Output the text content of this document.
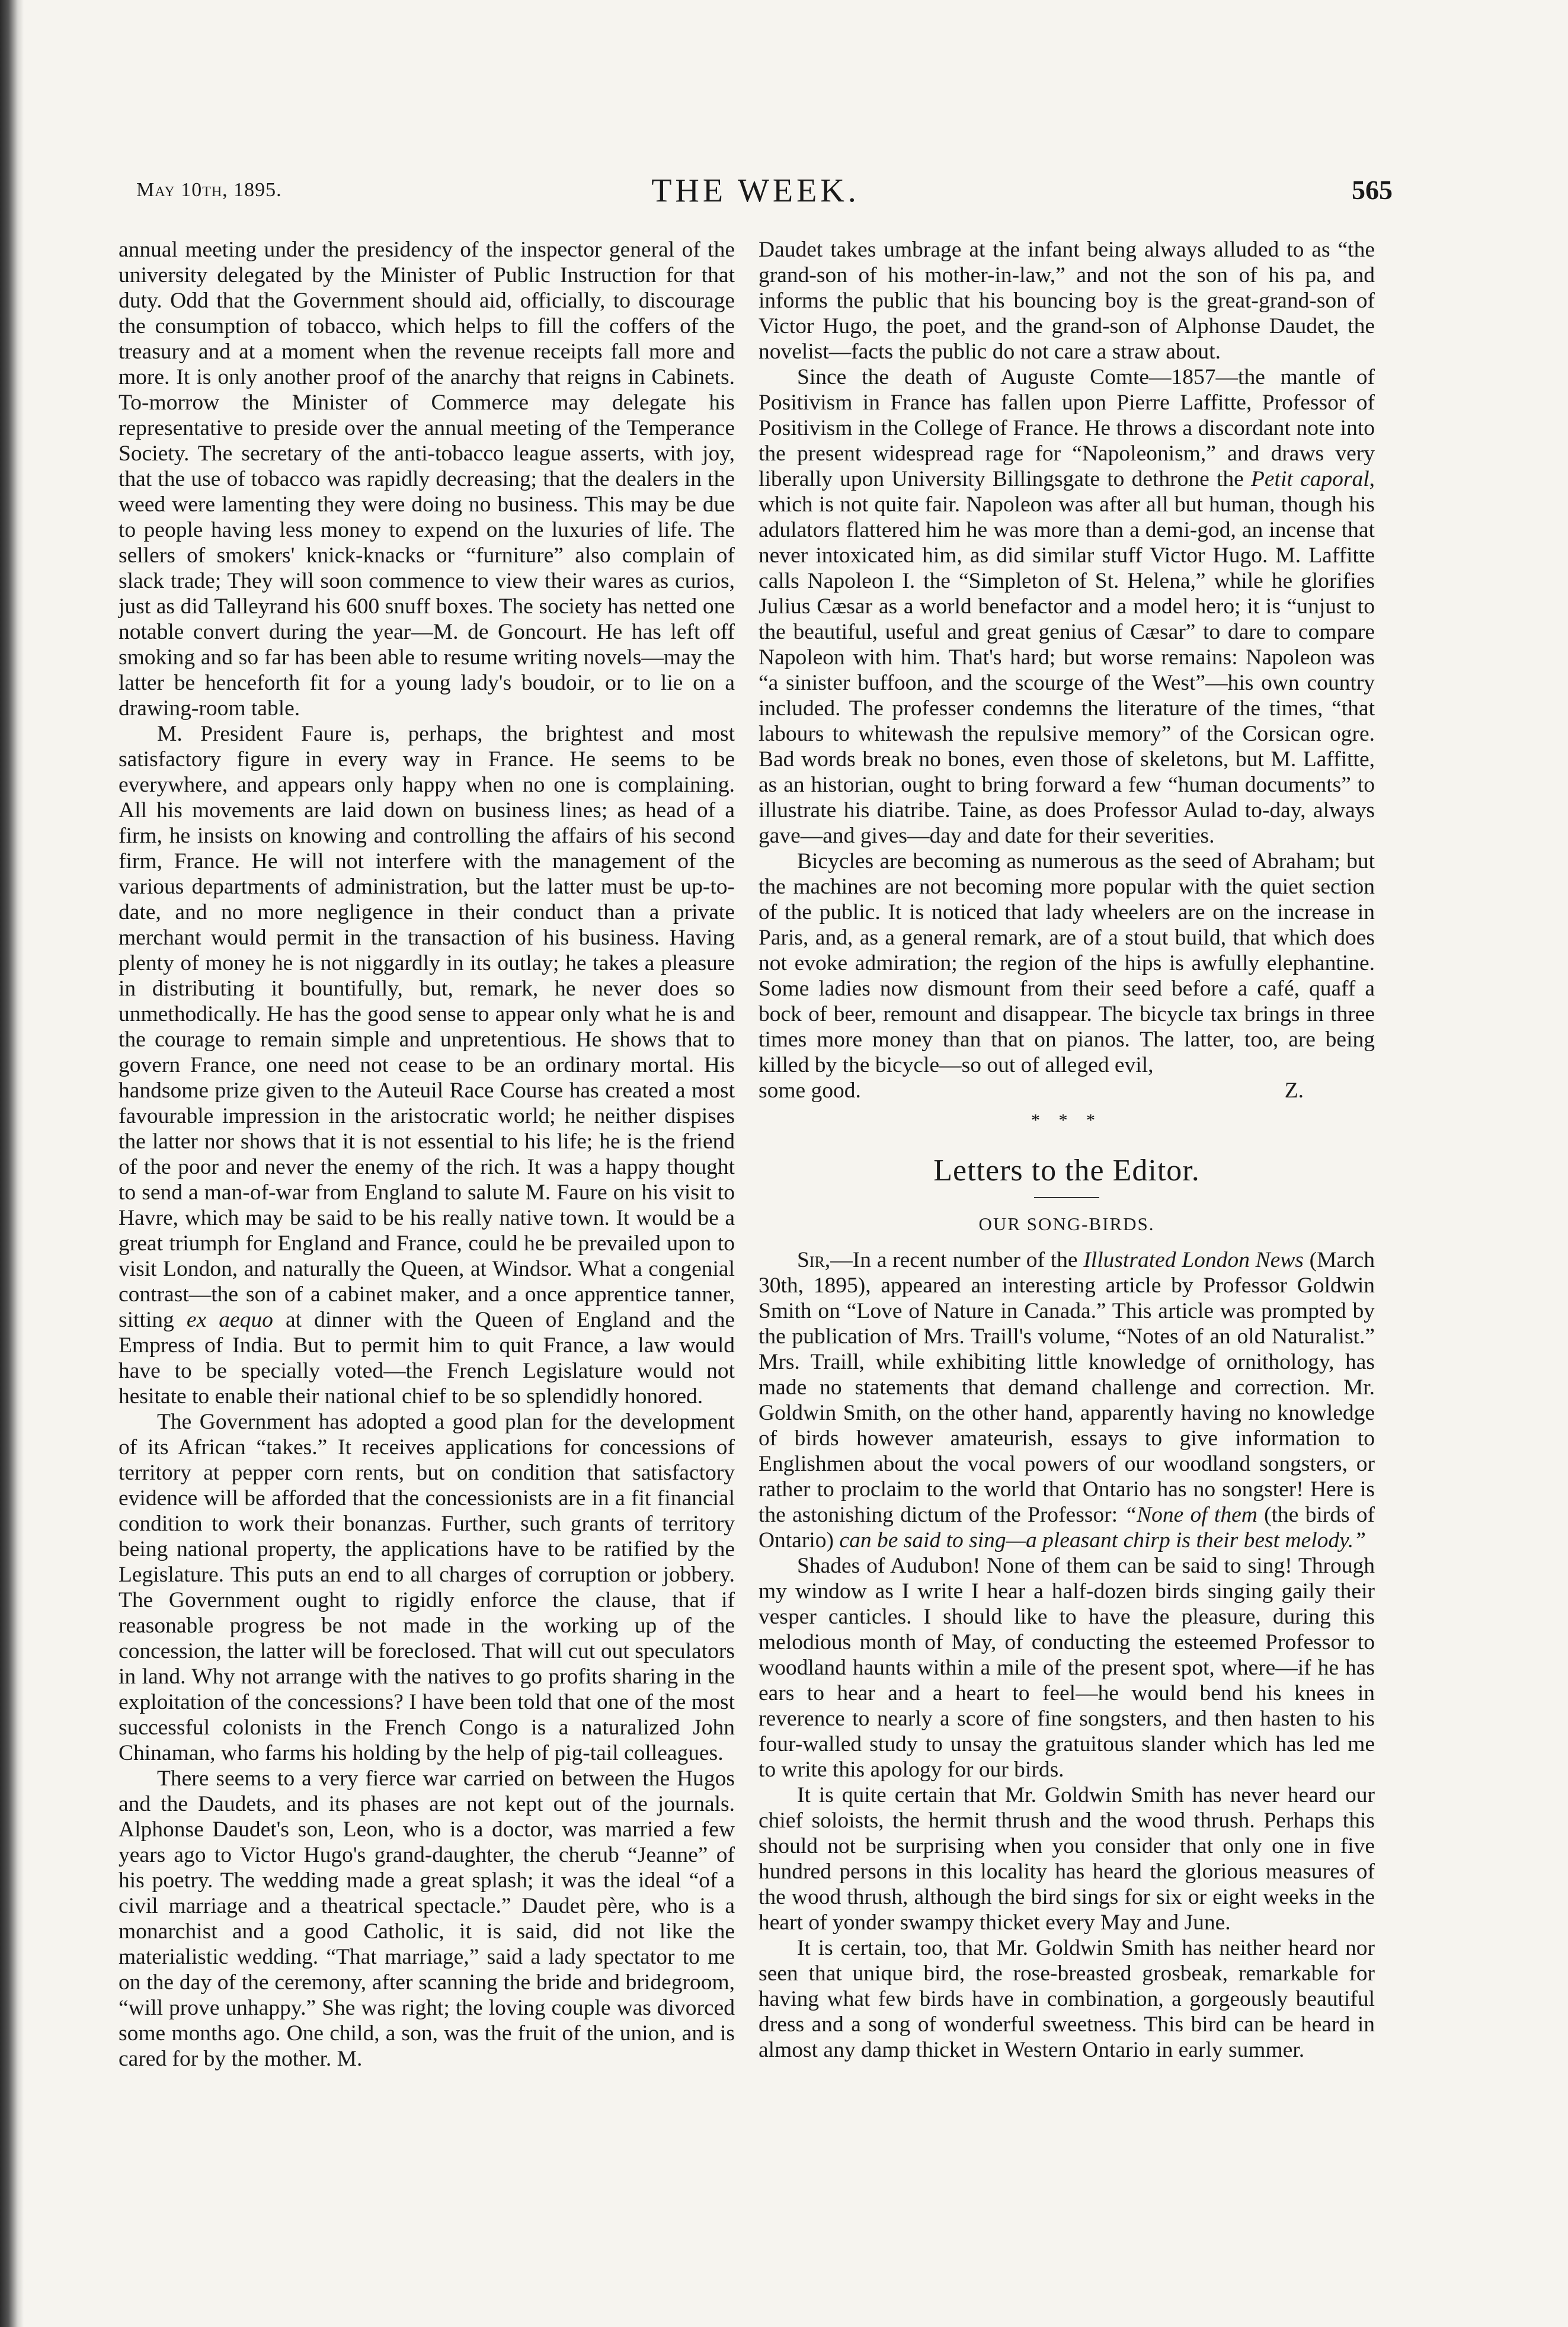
May 10th, 1895.	THE WEEK.	565

annual meeting under the presidency of the inspector general of the university delegated by the Minister of Public Instruction for that duty. Odd that the Government should aid, officially, to discourage the consumption of tobacco, which helps to fill the coffers of the treasury and at a moment when the revenue receipts fall more and more. It is only another proof of the anarchy that reigns in Cabinets. To-morrow the Minister of Commerce may delegate his representative to preside over the annual meeting of the Temperance Society. The secretary of the anti-tobacco league asserts, with joy, that the use of tobacco was rapidly decreasing; that the dealers in the weed were lamenting they were doing no business. This may be due to people having less money to expend on the luxuries of life. The sellers of smokers' knick-knacks or “furniture” also complain of slack trade; They will soon commence to view their wares as curios, just as did Talleyrand his 600 snuff boxes. The society has netted one notable convert during the year—M. de Goncourt. He has left off smoking and so far has been able to resume writing novels—may the latter be henceforth fit for a young lady's boudoir, or to lie on a drawing-room table.

M. President Faure is, perhaps, the brightest and most satisfactory figure in every way in France. He seems to be everywhere, and appears only happy when no one is complaining. All his movements are laid down on business lines; as head of a firm, he insists on knowing and controlling the affairs of his second firm, France. He will not interfere with the management of the various departments of administration, but the latter must be up-to-date, and no more negligence in their conduct than a private merchant would permit in the transaction of his business. Having plenty of money he is not niggardly in its outlay; he takes a pleasure in distributing it bountifully, but, remark, he never does so unmethodically. He has the good sense to appear only what he is and the courage to remain simple and unpretentious. He shows that to govern France, one need not cease to be an ordinary mortal. His handsome prize given to the Auteuil Race Course has created a most favourable impression in the aristocratic world; he neither dispises the latter nor shows that it is not essential to his life; he is the friend of the poor and never the enemy of the rich. It was a happy thought to send a man-of-war from England to salute M. Faure on his visit to Havre, which may be said to be his really native town. It would be a great triumph for England and France, could he be prevailed upon to visit London, and naturally the Queen, at Windsor. What a congenial contrast—the son of a cabinet maker, and a once apprentice tanner, sitting ex aequo at dinner with the Queen of England and the Empress of India. But to permit him to quit France, a law would have to be specially voted—the French Legislature would not hesitate to enable their national chief to be so splendidly honored.

The Government has adopted a good plan for the development of its African “takes.” It receives applications for concessions of territory at pepper corn rents, but on condition that satisfactory evidence will be afforded that the concessionists are in a fit financial condition to work their bonanzas. Further, such grants of territory being national property, the applications have to be ratified by the Legislature. This puts an end to all charges of corruption or jobbery. The Government ought to rigidly enforce the clause, that if reasonable progress be not made in the working up of the concession, the latter will be foreclosed. That will cut out speculators in land. Why not arrange with the natives to go profits sharing in the exploitation of the concessions? I have been told that one of the most successful colonists in the French Congo is a naturalized John Chinaman, who farms his holding by the help of pig-tail colleagues.

There seems to a very fierce war carried on between the Hugos and the Daudets, and its phases are not kept out of the journals. Alphonse Daudet's son, Leon, who is a doctor, was married a few years ago to Victor Hugo's grand-daughter, the cherub “Jeanne” of his poetry. The wedding made a great splash; it was the ideal “of a civil marriage and a theatrical spectacle.” Daudet père, who is a monarchist and a good Catholic, it is said, did not like the materialistic wedding. “That marriage,” said a lady spectator to me on the day of the ceremony, after scanning the bride and bridegroom, “will prove unhappy.” She was right; the loving couple was divorced some months ago. One child, a son, was the fruit of the union, and is cared for by the mother. M.

Daudet takes umbrage at the infant being always alluded to as “the grand-son of his mother-in-law,” and not the son of his pa, and informs the public that his bouncing boy is the great-grand-son of Victor Hugo, the poet, and the grand-son of Alphonse Daudet, the novelist—facts the public do not care a straw about.

Since the death of Auguste Comte—1857—the mantle of Positivism in France has fallen upon Pierre Laffitte, Professor of Positivism in the College of France. He throws a discordant note into the present widespread rage for “Napoleonism,” and draws very liberally upon University Billingsgate to dethrone the Petit caporal, which is not quite fair. Napoleon was after all but human, though his adulators flattered him he was more than a demi-god, an incense that never intoxicated him, as did similar stuff Victor Hugo. M. Laffitte calls Napoleon I. the “Simpleton of St. Helena,” while he glorifies Julius Cæsar as a world benefactor and a model hero; it is “unjust to the beautiful, useful and great genius of Cæsar” to dare to compare Napoleon with him. That's hard; but worse remains: Napoleon was “a sinister buffoon, and the scourge of the West”—his own country included. The professer condemns the literature of the times, “that labours to whitewash the repulsive memory” of the Corsican ogre. Bad words break no bones, even those of skeletons, but M. Laffitte, as an historian, ought to bring forward a few “human documents” to illustrate his diatribe. Taine, as does Professor Aulad to-day, always gave—and gives—day and date for their severities.

Bicycles are becoming as numerous as the seed of Abraham; but the machines are not becoming more popular with the quiet section of the public. It is noticed that lady wheelers are on the increase in Paris, and, as a general remark, are of a stout build, that which does not evoke admiration; the region of the hips is awfully elephantine. Some ladies now dismount from their seed before a café, quaff a bock of beer, remount and disappear. The bicycle tax brings in three times more money than that on pianos. The latter, too, are being killed by the bicycle—so out of alleged evil,

some good.	Z.
* * *
Letters to the Editor.
OUR SONG-BIRDS.

Sir,—In a recent number of the Illustrated London News (March 30th, 1895), appeared an interesting article by Professor Goldwin Smith on “Love of Nature in Canada.” This article was prompted by the publication of Mrs. Traill's volume, “Notes of an old Naturalist.” Mrs. Traill, while exhibiting little knowledge of ornithology, has made no statements that demand challenge and correction. Mr. Goldwin Smith, on the other hand, apparently having no knowledge of birds however amateurish, essays to give information to Englishmen about the vocal powers of our woodland songsters, or rather to proclaim to the world that Ontario has no songster! Here is the astonishing dictum of the Professor: “None of them (the birds of Ontario) can be said to sing—a pleasant chirp is their best melody.”

Shades of Audubon! None of them can be said to sing! Through my window as I write I hear a half-dozen birds singing gaily their vesper canticles. I should like to have the pleasure, during this melodious month of May, of conducting the esteemed Professor to woodland haunts within a mile of the present spot, where—if he has ears to hear and a heart to feel—he would bend his knees in reverence to nearly a score of fine songsters, and then hasten to his four-walled study to unsay the gratuitous slander which has led me to write this apology for our birds.

It is quite certain that Mr. Goldwin Smith has never heard our chief soloists, the hermit thrush and the wood thrush. Perhaps this should not be surprising when you consider that only one in five hundred persons in this locality has heard the glorious measures of the wood thrush, although the bird sings for six or eight weeks in the heart of yonder swampy thicket every May and June.

It is certain, too, that Mr. Goldwin Smith has neither heard nor seen that unique bird, the rose-breasted grosbeak, remarkable for having what few birds have in combination, a gorgeously beautiful dress and a song of wonderful sweetness. This bird can be heard in almost any damp thicket in Western Ontario in early summer.
